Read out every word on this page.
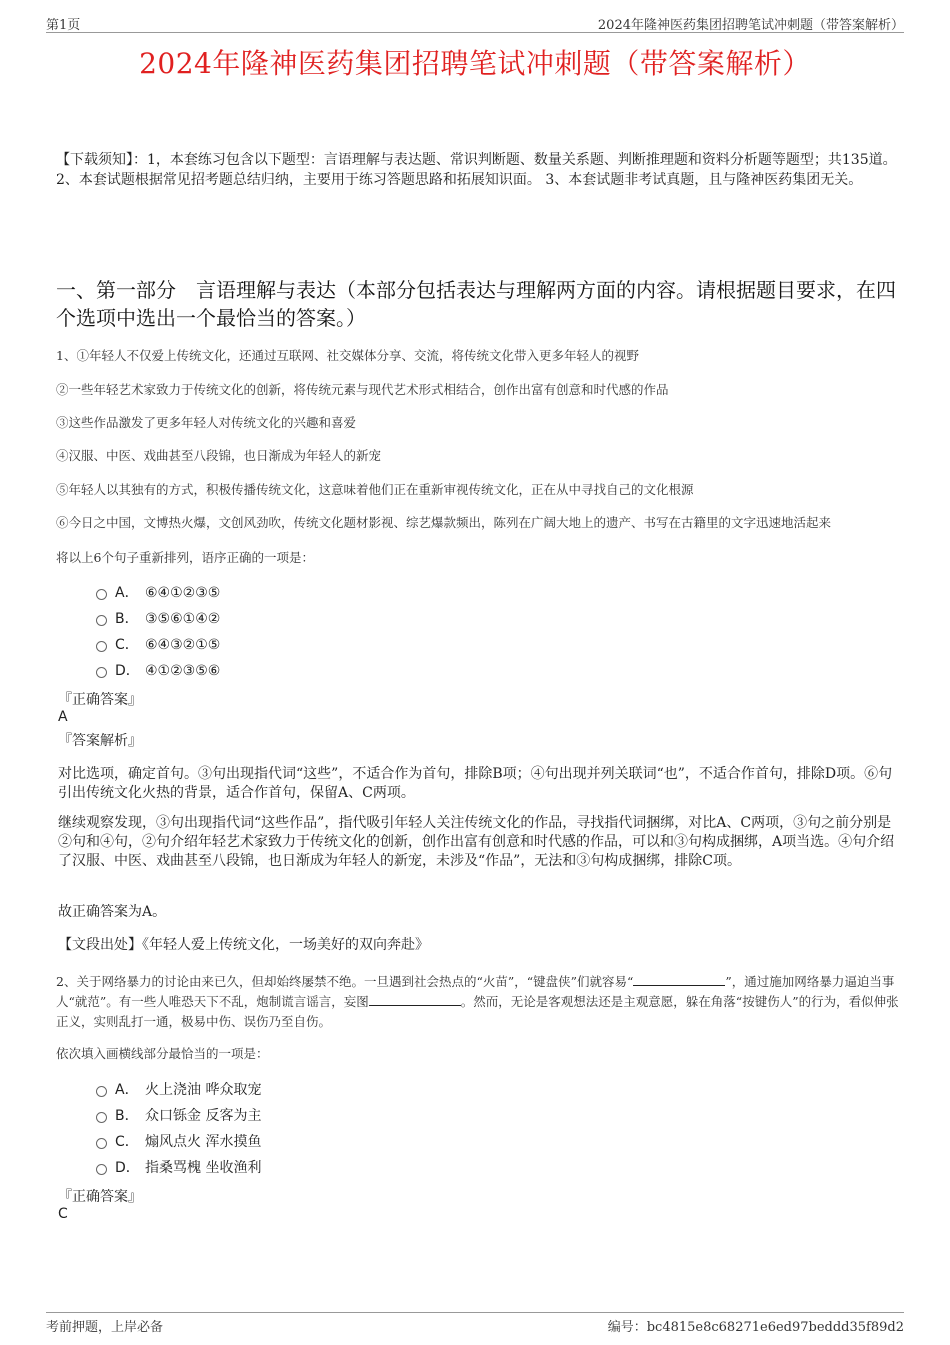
第1页	2024年隆神医药集团招聘笔试冲刺题（带答案解析）
2024年隆神医药集团招聘笔试冲刺题（带答案解析）
【下载须知】：1，本套练习包含以下题型：言语理解与表达题、常识判断题、数量关系题、判断推理题和资料分析题等题型；共135道。 2、本套试题根据常见招考题总结归纳，主要用于练习答题思路和拓展知识面。 3、本套试题非考试真题，且与隆神医药集团无关。
一、第一部分　言语理解与表达（本部分包括表达与理解两方面的内容。请根据题目要求，在四个选项中选出一个最恰当的答案。）
1、①年轻人不仅爱上传统文化，还通过互联网、社交媒体分享、交流，将传统文化带入更多年轻人的视野
②一些年轻艺术家致力于传统文化的创新，将传统元素与现代艺术形式相结合，创作出富有创意和时代感的作品
③这些作品激发了更多年轻人对传统文化的兴趣和喜爱
④汉服、中医、戏曲甚至八段锦，也日渐成为年轻人的新宠
⑤年轻人以其独有的方式，积极传播传统文化，这意味着他们正在重新审视传统文化，正在从中寻找自己的文化根源
⑥今日之中国，文博热火爆，文创风劲吹，传统文化题材影视、综艺爆款频出，陈列在广阔大地上的遗产、书写在古籍里的文字迅速地活起来
将以上6个句子重新排列，语序正确的一项是：
A． ⑥④①②③⑤
B． ③⑤⑥①④②
C． ⑥④③②①⑤
D． ④①②③⑤⑥
『正确答案』
A
『答案解析』
对比选项，确定首句。③句出现指代词“这些”，不适合作为首句，排除B项；④句出现并列关联词“也”，不适合作首句，排除D项。⑥句引出传统文化火热的背景，适合作首句，保留A、C两项。
继续观察发现，③句出现指代词“这些作品”，指代吸引年轻人关注传统文化的作品，寻找指代词捆绑，对比A、C两项，③句之前分别是②句和④句，②句介绍年轻艺术家致力于传统文化的创新，创作出富有创意和时代感的作品，可以和③句构成捆绑，A项当选。④句介绍了汉服、中医、戏曲甚至八段锦，也日渐成为年轻人的新宠，未涉及“作品”，无法和③句构成捆绑，排除C项。
故正确答案为A。
【文段出处】《年轻人爱上传统文化，一场美好的双向奔赴》
2、关于网络暴力的讨论由来已久，但却始终屡禁不绝。一旦遇到社会热点的“火苗”，“键盘侠”们就容易“	”，通过施加网络暴力逼迫当事人“就范”。有一些人唯恐天下不乱，炮制谎言谣言，妄图	。然而，无论是客观想法还是主观意愿，躲在角落“按键伤人”的行为，看似伸张正义，实则乱打一通，极易中伤、误伤乃至自伤。
依次填入画横线部分最恰当的一项是：
A． 火上浇油 哗众取宠
B． 众口铄金 反客为主
C． 煽风点火 浑水摸鱼
D． 指桑骂槐 坐收渔利
『正确答案』
C
考前押题，上岸必备	编号：bc4815e8c68271e6ed97beddd35f89d2
